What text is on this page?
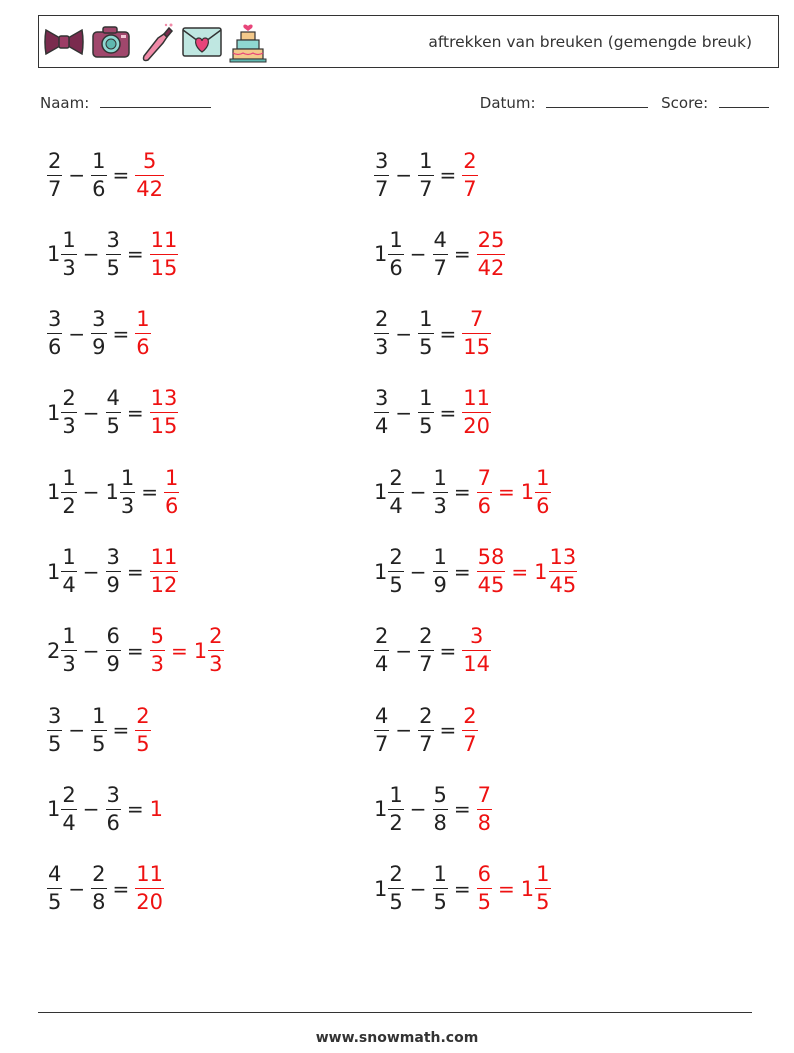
aftrekken van breuken (gemengde breuk)
Naam:	Datum:	Score:
$\frac{2}{7} - \frac{1}{6} = \frac{5}{42}$	$\frac{3}{7} - \frac{1}{7} = \frac{2}{7}$
$1 \frac{1}{3} - \frac{3}{5} = \frac{11}{15}$	$1 \frac{1}{6} - \frac{4}{7} = \frac{25}{42}$
$\frac{3}{6} - \frac{3}{9} = \frac{1}{6}$	$\frac{2}{3} - \frac{1}{5} = \frac{7}{15}$
$1 \frac{2}{3} - \frac{4}{5} = \frac{13}{15}$	$\frac{3}{4} - \frac{1}{5} = \frac{11}{20}$
$1 \frac{1}{2} - 1 \frac{1}{3} = \frac{1}{6}$	$1 \frac{2}{4} - \frac{1}{3} = \frac{7}{6} = 1 \frac{1}{6}$
$1 \frac{1}{4} - \frac{3}{9} = \frac{11}{12}$	$1 \frac{2}{5} - \frac{1}{9} = \frac{58}{45} = 1 \frac{13}{45}$
$2 \frac{1}{3} - \frac{6}{9} = \frac{5}{3} = 1 \frac{2}{3}$	$\frac{2}{4} - \frac{2}{7} = \frac{3}{14}$
$\frac{3}{5} - \frac{1}{5} = \frac{2}{5}$	$\frac{4}{7} - \frac{2}{7} = \frac{2}{7}$
$1 \frac{2}{4} - \frac{3}{6} = 1$	$1 \frac{1}{2} - \frac{5}{8} = \frac{7}{8}$
$\frac{4}{5} - \frac{2}{8} = \frac{11}{20}$	$1 \frac{2}{5} - \frac{1}{5} = \frac{6}{5} = 1 \frac{1}{5}$
www.snowmath.com
